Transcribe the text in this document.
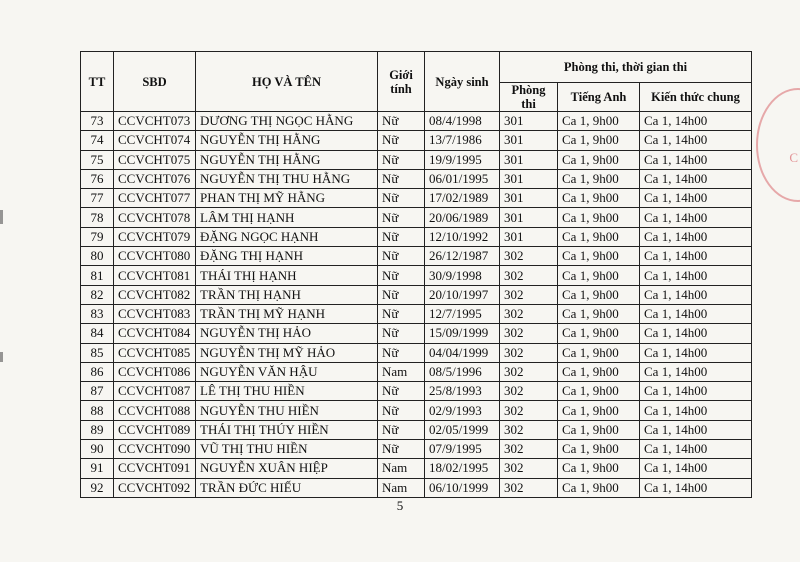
TT	SBD	HỌ VÀ TÊN	Giới tính	Ngày sinh	Phòng thi, thời gian thi		
					Phòng thi	Tiếng Anh	Kiến thức chung
73	CCVCHT073	DƯƠNG THỊ NGỌC HẰNG	Nữ	08/4/1998	301	Ca 1, 9h00	Ca 1, 14h00
74	CCVCHT074	NGUYỄN THỊ HẰNG	Nữ	13/7/1986	301	Ca 1, 9h00	Ca 1, 14h00
75	CCVCHT075	NGUYỄN THỊ HẰNG	Nữ	19/9/1995	301	Ca 1, 9h00	Ca 1, 14h00
76	CCVCHT076	NGUYỄN THỊ THU HẰNG	Nữ	06/01/1995	301	Ca 1, 9h00	Ca 1, 14h00
77	CCVCHT077	PHAN THỊ MỸ HẰNG	Nữ	17/02/1989	301	Ca 1, 9h00	Ca 1, 14h00
78	CCVCHT078	LÂM THỊ HẠNH	Nữ	20/06/1989	301	Ca 1, 9h00	Ca 1, 14h00
79	CCVCHT079	ĐẶNG NGỌC HẠNH	Nữ	12/10/1992	301	Ca 1, 9h00	Ca 1, 14h00
80	CCVCHT080	ĐẶNG THỊ HẠNH	Nữ	26/12/1987	302	Ca 1, 9h00	Ca 1, 14h00
81	CCVCHT081	THÁI THỊ HẠNH	Nữ	30/9/1998	302	Ca 1, 9h00	Ca 1, 14h00
82	CCVCHT082	TRẦN THỊ HẠNH	Nữ	20/10/1997	302	Ca 1, 9h00	Ca 1, 14h00
83	CCVCHT083	TRẦN THỊ MỸ HẠNH	Nữ	12/7/1995	302	Ca 1, 9h00	Ca 1, 14h00
84	CCVCHT084	NGUYỄN THỊ HẢO	Nữ	15/09/1999	302	Ca 1, 9h00	Ca 1, 14h00
85	CCVCHT085	NGUYỄN THỊ MỸ HẢO	Nữ	04/04/1999	302	Ca 1, 9h00	Ca 1, 14h00
86	CCVCHT086	NGUYỄN VĂN HẬU	Nam	08/5/1996	302	Ca 1, 9h00	Ca 1, 14h00
87	CCVCHT087	LÊ THỊ THU HIỀN	Nữ	25/8/1993	302	Ca 1, 9h00	Ca 1, 14h00
88	CCVCHT088	NGUYỄN THU HIỀN	Nữ	02/9/1993	302	Ca 1, 9h00	Ca 1, 14h00
89	CCVCHT089	THÁI THỊ THÚY HIỀN	Nữ	02/05/1999	302	Ca 1, 9h00	Ca 1, 14h00
90	CCVCHT090	VŨ THỊ THU HIỀN	Nữ	07/9/1995	302	Ca 1, 9h00	Ca 1, 14h00
91	CCVCHT091	NGUYỄN XUÂN HIỆP	Nam	18/02/1995	302	Ca 1, 9h00	Ca 1, 14h00
92	CCVCHT092	TRẦN ĐỨC HIẾU	Nam	06/10/1999	302	Ca 1, 9h00	Ca 1, 14h00
5
C
